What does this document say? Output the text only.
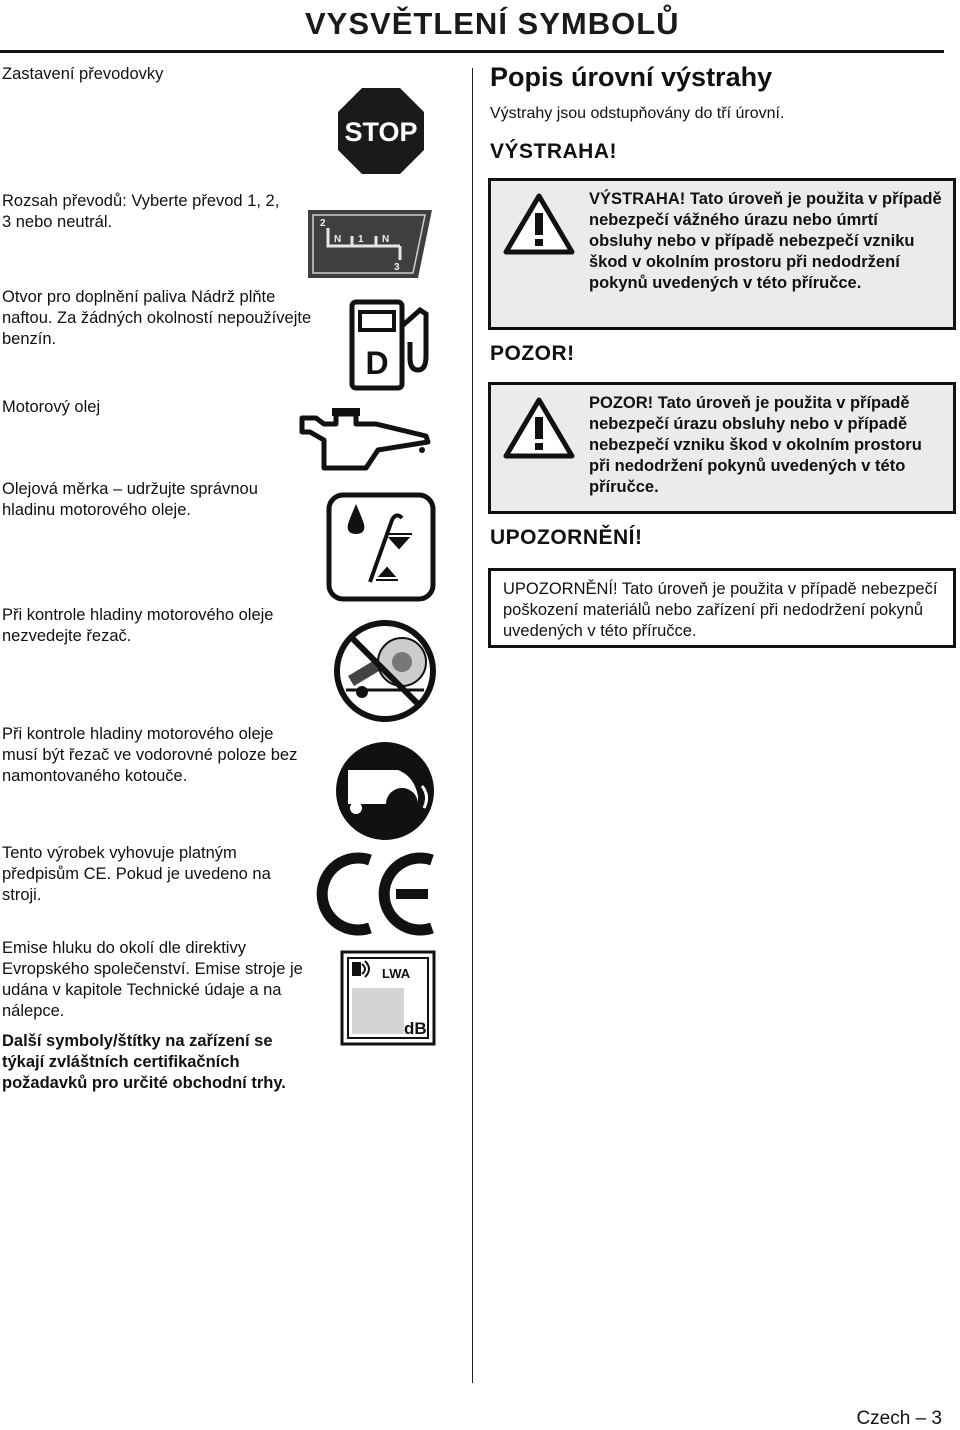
VYSVĚTLENÍ SYMBOLŮ
Zastavení převodovky
Rozsah převodů: Vyberte převod 1, 2, 3 nebo neutrál.
Otvor pro doplnění paliva Nádrž plňte naftou. Za žádných okolností nepoužívejte benzín.
Motorový olej
Olejová měrka – udržujte správnou hladinu motorového oleje.
Při kontrole hladiny motorového oleje nezvedejte řezač.
Při kontrole hladiny motorového oleje musí být řezač ve vodorovné poloze bez namontovaného kotouče.
Tento výrobek vyhovuje platným předpisům CE. Pokud je uvedeno na stroji.
Emise hluku do okolí dle direktivy Evropského společenství. Emise stroje je udána v kapitole Technické údaje a na nálepce.
Další symboly/štítky na zařízení se týkají zvláštních certifikačních požadavků pro určité obchodní trhy.
STOP
2
N 1 N
3
D
LWA
dB
Popis úrovní výstrahy
Výstrahy jsou odstupňovány do tří úrovní.
VÝSTRAHA!
VÝSTRAHA! Tato úroveň je použita v případě nebezpečí vážného úrazu nebo úmrtí obsluhy nebo v případě nebezpečí vzniku škod v okolním prostoru při nedodržení pokynů uvedených v této příručce.
POZOR!
POZOR! Tato úroveň je použita v případě nebezpečí úrazu obsluhy nebo v případě nebezpečí vzniku škod v okolním prostoru při nedodržení pokynů uvedených v této příručce.
UPOZORNĚNÍ!
UPOZORNĚNÍ! Tato úroveň je použita v případě nebezpečí poškození materiálů nebo zařízení při nedodržení pokynů uvedených v této příručce.
Czech – 3
